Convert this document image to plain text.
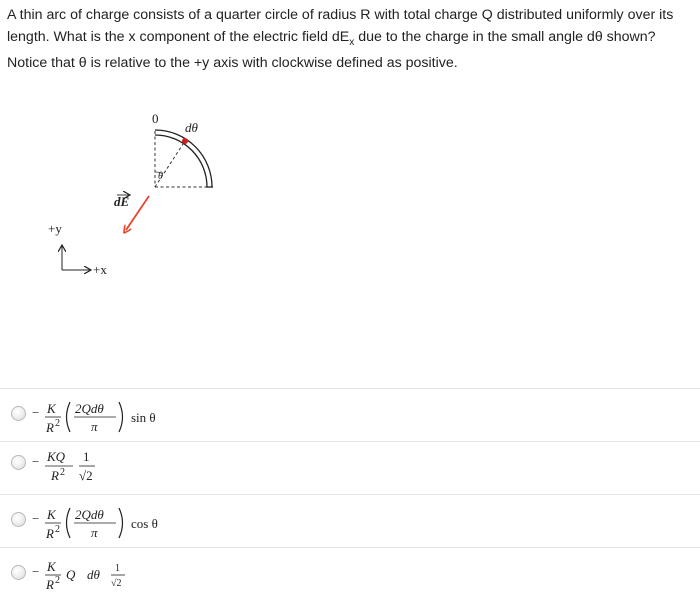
A thin arc of charge consists of a quarter circle of radius R with total charge Q distributed uniformly over its length. What is the x component of the electric field $dE_x$ due to the charge in the small angle dθ shown? Notice that θ is relative to the +y axis with clockwise defined as positive.
0
dθ
θ
dE
+y
+x
− K
R 2
2Qdθ
π
sin θ
− KQ
R 2
1
√2
− K
R 2
2Qdθ
π
cos θ
− K
R 2 Q dθ 1
√2
